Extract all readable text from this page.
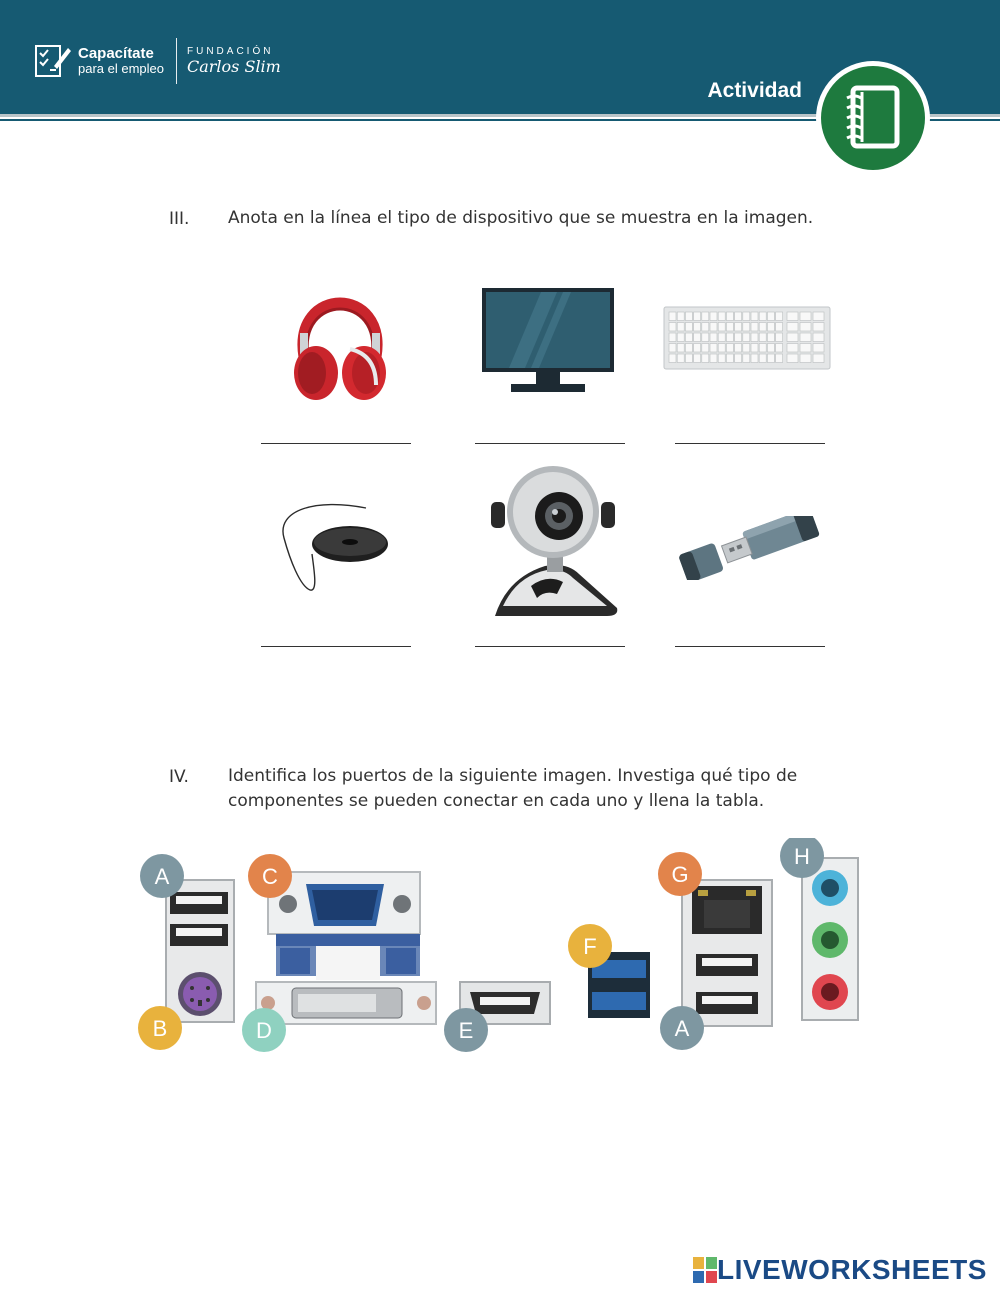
Capacítate
para el empleo
FUNDACIÓN
Carlos Slim
Actividad
III. Anota en la línea el tipo de dispositivo que se muestra en la imagen.
IV. Identifica los puertos de la siguiente imagen. Investiga qué tipo de
componentes se pueden conectar en cada uno y llena la tabla.
A
B
C
D	E
F
G
A
H
LIVEWORKSHEETS
